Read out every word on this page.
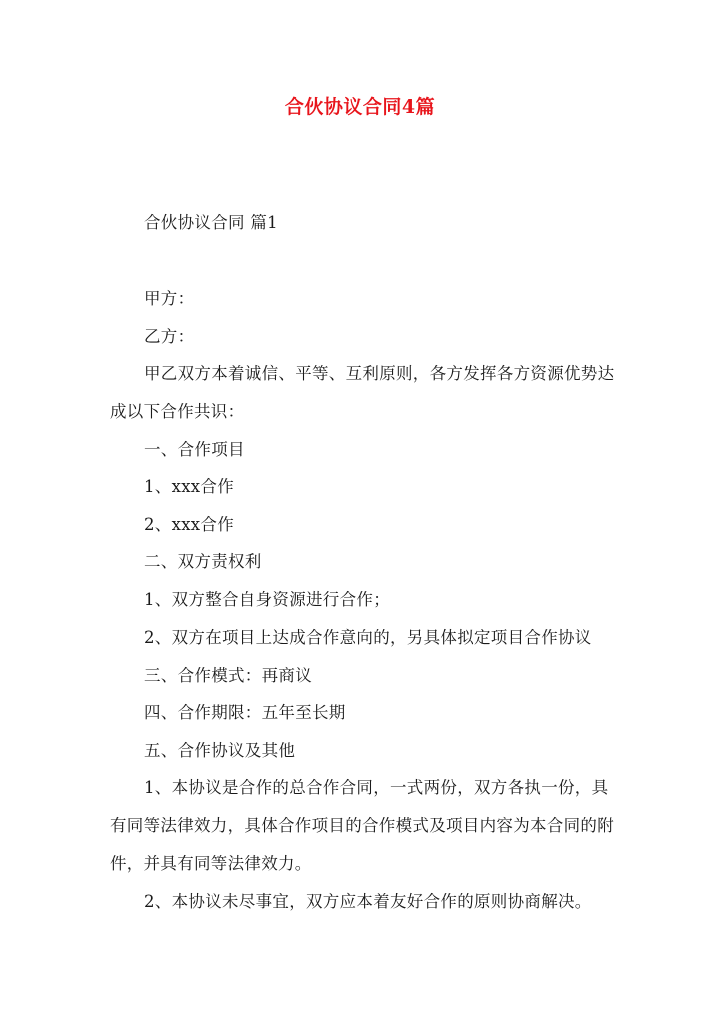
合伙协议合同4篇
合伙协议合同 篇1
甲方：
乙方：
甲乙双方本着诚信、平等、互利原则，各方发挥各方资源优势达
成以下合作共识：
一、合作项目
1、xxx合作
2、xxx合作
二、双方责权利
1、双方整合自身资源进行合作；
2、双方在项目上达成合作意向的，另具体拟定项目合作协议
三、合作模式：再商议
四、合作期限：五年至长期
五、合作协议及其他
1、本协议是合作的总合作合同，一式两份，双方各执一份，具
有同等法律效力，具体合作项目的合作模式及项目内容为本合同的附
件，并具有同等法律效力。
2、本协议未尽事宜，双方应本着友好合作的原则协商解决。
